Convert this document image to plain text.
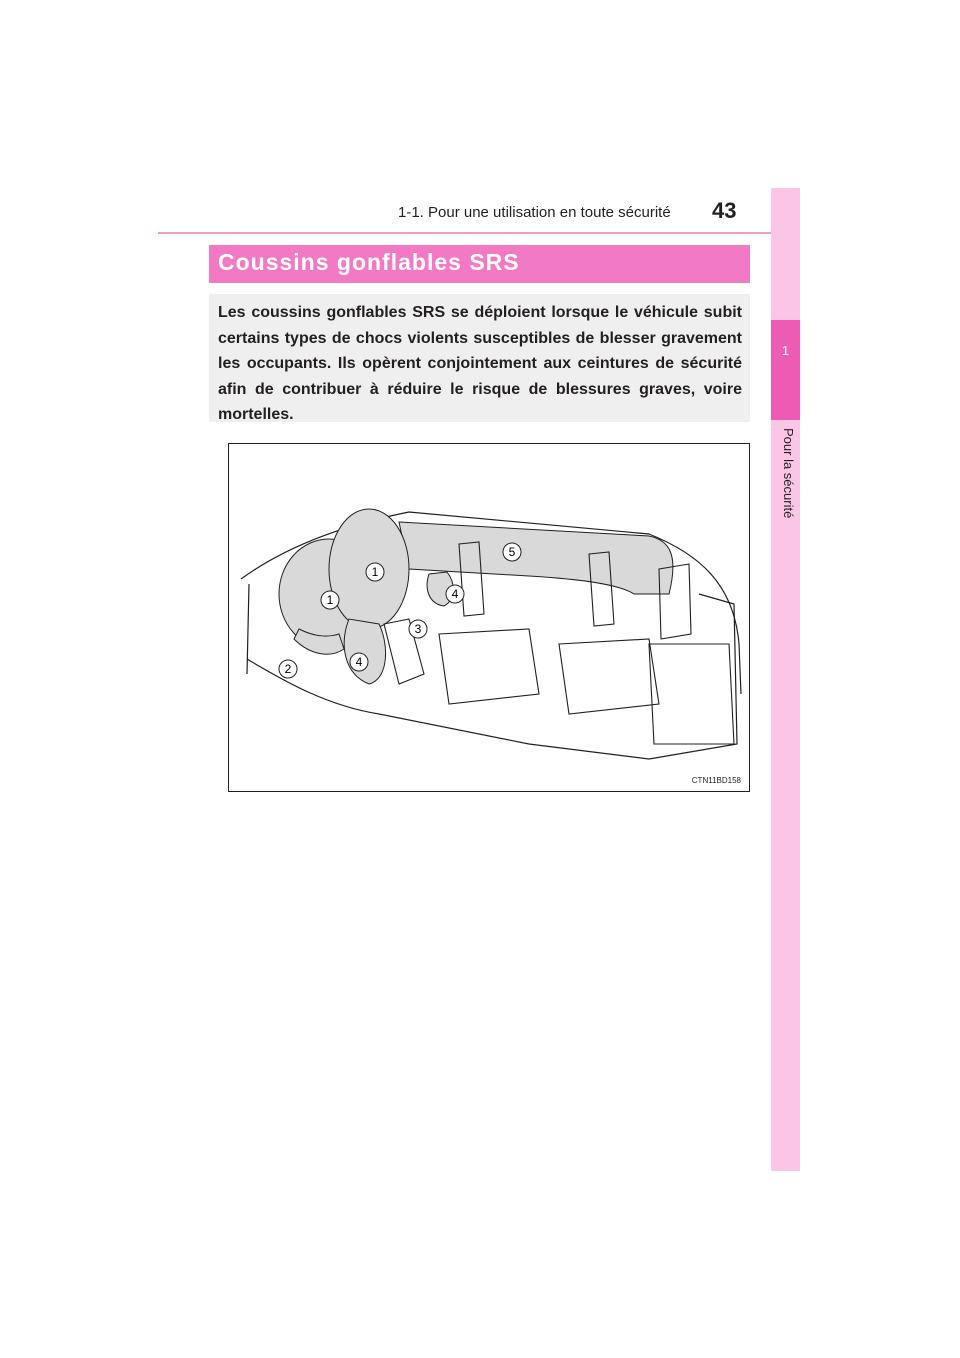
1-1. Pour une utilisation en toute sécurité 43
1
Pour la sécurité
Coussins gonflables SRS
Les coussins gonflables SRS se déploient lorsque le véhicule subit certains types de chocs violents susceptibles de blesser gravement les occupants. Ils opèrent conjointement aux ceintures de sécurité afin de contribuer à réduire le risque de blessures graves, voire mortelles.
1
1
2
3
4
4
5
CTN11BD158
